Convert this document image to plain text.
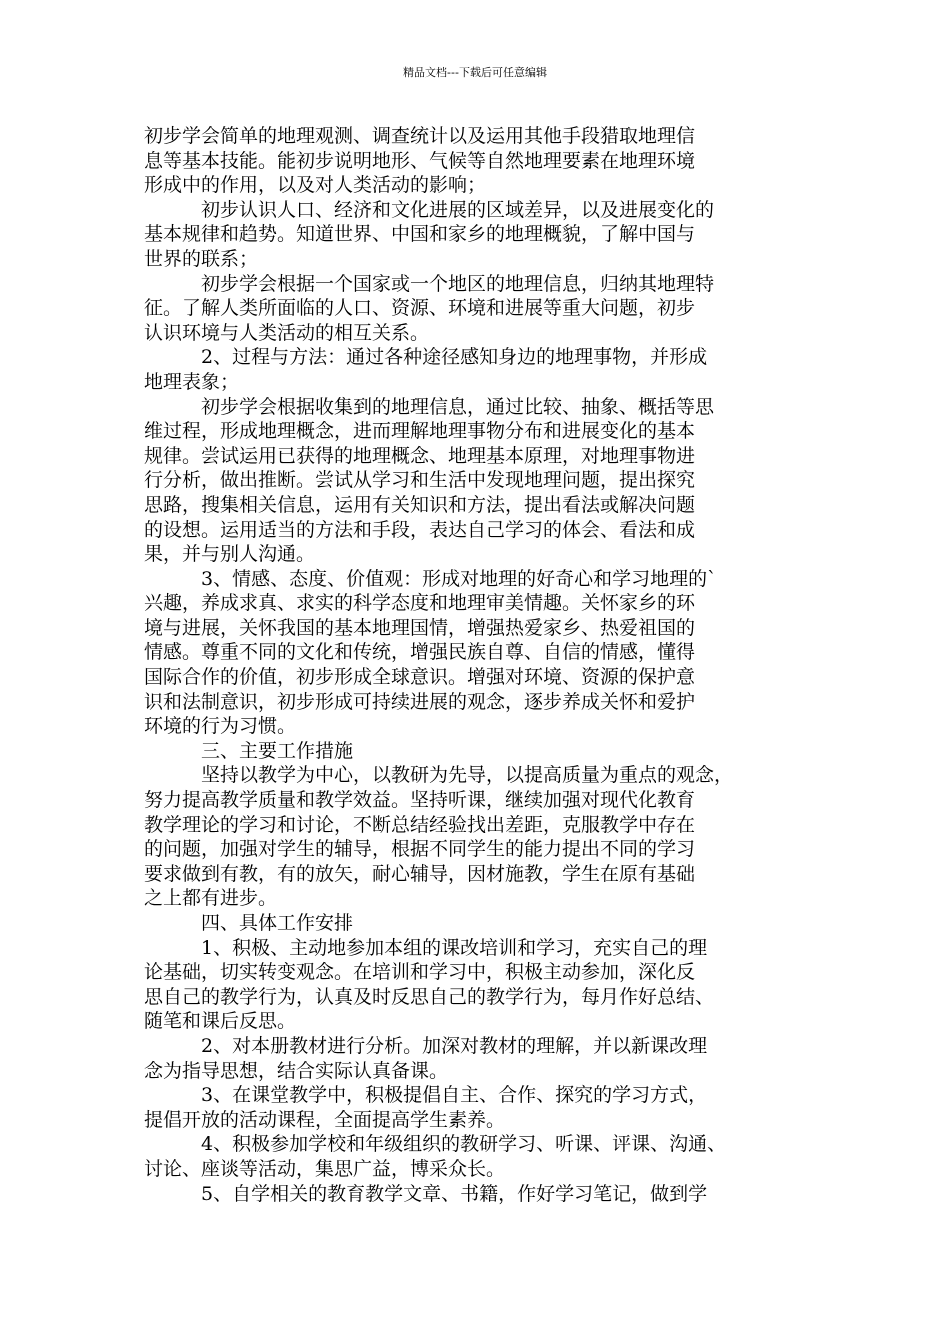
精品文档---下载后可任意编辑
初步学会简单的地理观测、调查统计以及运用其他手段猎取地理信
息等基本技能。能初步说明地形、气候等自然地理要素在地理环境
形成中的作用，以及对人类活动的影响；
初步认识人口、经济和文化进展的区域差异，以及进展变化的
基本规律和趋势。知道世界、中国和家乡的地理概貌，了解中国与
世界的联系；
初步学会根据一个国家或一个地区的地理信息，归纳其地理特
征。了解人类所面临的人口、资源、环境和进展等重大问题，初步
认识环境与人类活动的相互关系。
2、过程与方法：通过各种途径感知身边的地理事物，并形成
地理表象；
初步学会根据收集到的地理信息，通过比较、抽象、概括等思
维过程，形成地理概念，进而理解地理事物分布和进展变化的基本
规律。尝试运用已获得的地理概念、地理基本原理，对地理事物进
行分析，做出推断。尝试从学习和生活中发现地理问题，提出探究
思路，搜集相关信息，运用有关知识和方法，提出看法或解决问题
的设想。运用适当的方法和手段，表达自己学习的体会、看法和成
果，并与别人沟通。
3、情感、态度、价值观：形成对地理的好奇心和学习地理的`
兴趣，养成求真、求实的科学态度和地理审美情趣。关怀家乡的环
境与进展，关怀我国的基本地理国情，增强热爱家乡、热爱祖国的
情感。尊重不同的文化和传统，增强民族自尊、自信的情感，懂得
国际合作的价值，初步形成全球意识。增强对环境、资源的保护意
识和法制意识，初步形成可持续进展的观念，逐步养成关怀和爱护
环境的行为习惯。
三、主要工作措施
坚持以教学为中心，以教研为先导，以提高质量为重点的观念，
努力提高教学质量和教学效益。坚持听课，继续加强对现代化教育
教学理论的学习和讨论，不断总结经验找出差距，克服教学中存在
的问题，加强对学生的辅导，根据不同学生的能力提出不同的学习
要求做到有教，有的放矢，耐心辅导，因材施教，学生在原有基础
之上都有进步。
四、具体工作安排
1、积极、主动地参加本组的课改培训和学习，充实自己的理
论基础，切实转变观念。在培训和学习中，积极主动参加，深化反
思自己的教学行为，认真及时反思自己的教学行为，每月作好总结、
随笔和课后反思。
2、对本册教材进行分析。加深对教材的理解，并以新课改理
念为指导思想，结合实际认真备课。
3、在课堂教学中，积极提倡自主、合作、探究的学习方式，
提倡开放的活动课程，全面提高学生素养。
4、积极参加学校和年级组织的教研学习、听课、评课、沟通、
讨论、座谈等活动，集思广益，博采众长。
5、自学相关的教育教学文章、书籍，作好学习笔记，做到学
